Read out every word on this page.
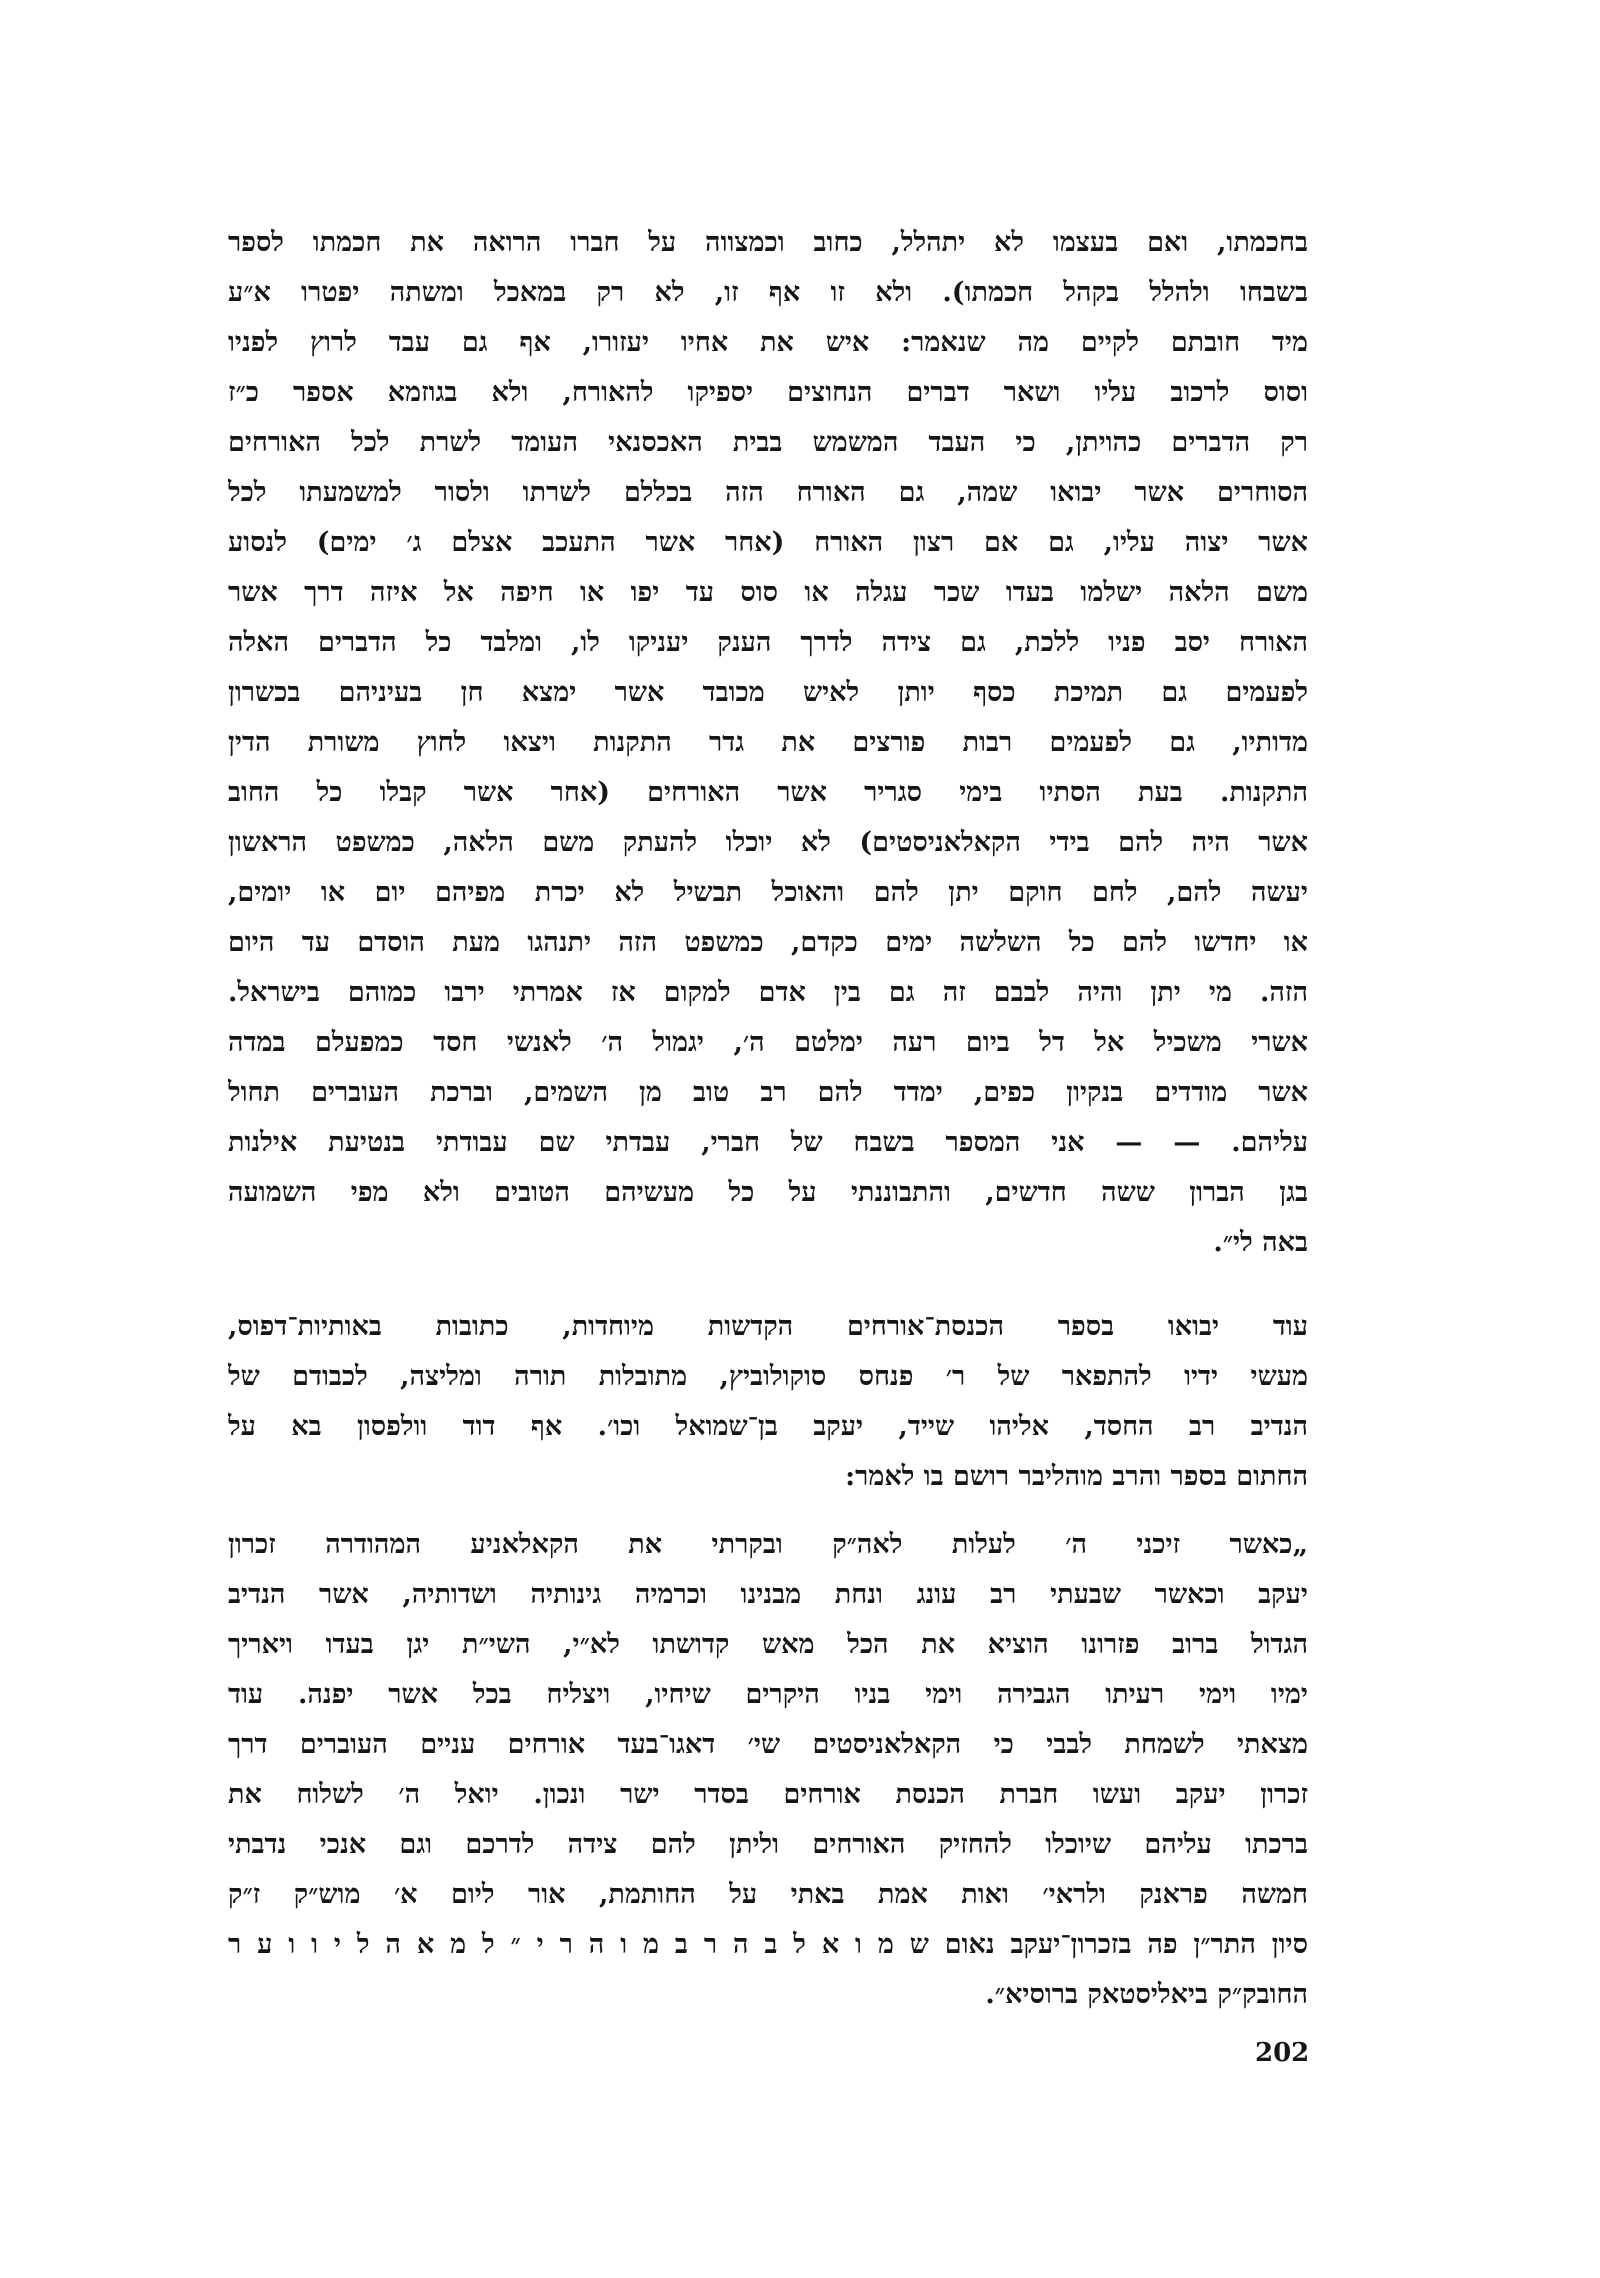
בחכמתו, ואם בעצמו לא יתהלל, כחוב וכמצווה על חברו הרואה את חכמתו לספר
בשבחו ולהלל בקהל חכמתו). ולא זו אף זו, לא רק במאכל ומשתה יפטרו א״ע
מיד חובתם לקיים מה שנאמר: איש את אחיו יעזורו, אף גם עבד לרוץ לפניו
וסוס לרכוב עליו ושאר דברים הנחוצים יספיקו להאורח, ולא בגוזמא אספר כ״ז
רק הדברים כהויתן, כי העבד המשמש בבית האכסנאי העומד לשרת לכל האורחים
הסוחרים אשר יבואו שמה, גם האורח הזה בכללם לשרתו ולסור למשמעתו לכל
אשר יצוה עליו, גם אם רצון האורח (אחר אשר התעכב אצלם ג׳ ימים) לנסוע
משם הלאה ישלמו בעדו שכר עגלה או סוס עד יפו או חיפה אל איזה דרך אשר
האורח יסב פניו ללכת, גם צידה לדרך הענק יעניקו לו, ומלבד כל הדברים האלה
לפעמים גם תמיכת כסף יותן לאיש מכובד אשר ימצא חן בעיניהם בכשרון
מדותיו, גם לפעמים רבות פורצים את גדר התקנות ויצאו לחוץ משורת הדין
התקנות. בעת הסתיו בימי סגריר אשר האורחים (אחר אשר קבלו כל החוב
אשר היה להם בידי הקאלאניסטים) לא יוכלו להעתק משם הלאה, כמשפט הראשון
יעשה להם, לחם חוקם יתן להם והאוכל תבשיל לא יכרת מפיהם יום או יומים,
או יחדשו להם כל השלשה ימים כקדם, כמשפט הזה יתנהגו מעת הוסדם עד היום
הזה. מי יתן והיה לבבם זה גם בין אדם למקום אז אמרתי ירבו כמוהם בישראל.
אשרי משכיל אל דל ביום רעה ימלטם ה׳, יגמול ה׳ לאנשי חסד כמפעלם במדה
אשר מודדים בנקיון כפים, ימדד להם רב טוב מן השמים, וברכת העוברים תחול
עליהם. — — אני המספר בשבח של חברי, עבדתי שם עבודתי בנטיעת אילנות
בגן הברון ששה חדשים, והתבוננתי על כל מעשיהם הטובים ולא מפי השמועה
באה לי״.
עוד יבואו בספר הכנסת־אורחים הקדשות מיוחדות, כתובות באותיות־דפוס,
מעשי ידיו להתפאר של ר׳ פנחס סוקולוביץ, מתובלות תורה ומליצה, לכבודם של
הנדיב רב החסד, אליהו שייד, יעקב בן־שמואל וכו׳. אף דוד וולפסון בא על
החתום בספר והרב מוהליבר רושם בו לאמר:
„כאשר זיכני ה׳ לעלות לאה״ק ובקרתי את הקאלאניע המהודרה זכרון
יעקב וכאשר שבעתי רב עונג ונחת מבנינו וכרמיה גינותיה ושדותיה, אשר הנדיב
הגדול ברוב פזרונו הוציא את הכל מאש קדושתו לא״י, השי״ת יגן בעדו ויאריך
ימיו וימי רעיתו הגבירה וימי בניו היקרים שיחיו, ויצליח בכל אשר יפנה. עוד
מצאתי לשמחת לבבי כי הקאלאניסטים שי׳ דאגו־בעד אורחים עניים העוברים דרך
זכרון יעקב ועשו חברת הכנסת אורחים בסדר ישר ונכון. יואל ה׳ לשלוח את
ברכתו עליהם שיוכלו להחזיק האורחים וליתן להם צידה לדרכם וגם אנכי נדבתי
חמשה פראנק ולראי׳ ואות אמת באתי על החותמת, אור ליום א׳ מוש״ק ז״ק
סיון התר״ן פה בזכרון־יעקב נאום ש מ ו א ל ב ה ר ב מ ו ה ר י ״ ל מ א ה ל י ו ו ע ר
החובק״ק ביאליסטאק ברוסיא״.
202
